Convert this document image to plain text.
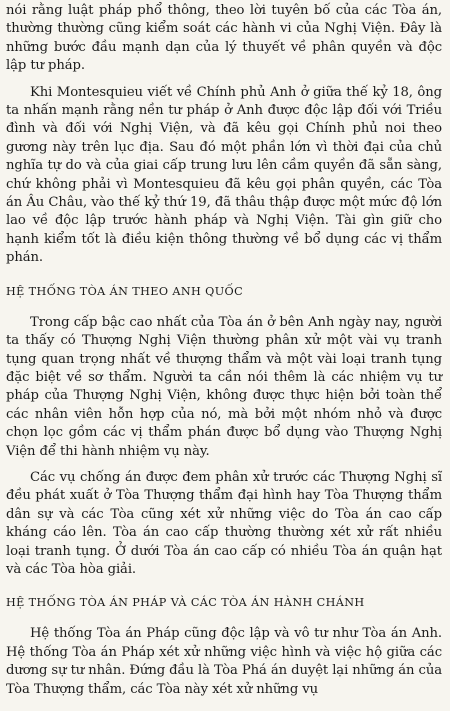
nói rằng luật pháp phổ thông, theo lời tuyên bố của các Tòa án, thường thường cũng kiểm soát các hành vi của Nghị Viện. Đây là những bước đầu mạnh dạn của lý thuyết về phân quyền và độc lập tư pháp.

Khi Montesquieu viết về Chính phủ Anh ở giữa thế kỷ 18, ông ta nhấn mạnh rằng nền tư pháp ở Anh được độc lập đối với Triều đình và đối với Nghị Viện, và đã kêu gọi Chính phủ noi theo gương này trên lục địa. Sau đó một phần lớn vì thời đại của chủ nghĩa tự do và của giai cấp trung lưu lên cầm quyền đã sẵn sàng, chứ không phải vì Montesquieu đã kêu gọi phân quyền, các Tòa án Âu Châu, vào thế kỷ thứ 19, đã thâu thập được một mức độ lớn lao về độc lập trước hành pháp và Nghị Viện. Tài gìn giữ cho hạnh kiểm tốt là điều kiện thông thường về bổ dụng các vị thẩm phán.

HỆ THỐNG TÒA ÁN THEO ANH QUỐC

Trong cấp bậc cao nhất của Tòa án ở bên Anh ngày nay, người ta thấy có Thượng Nghị Viện thường phân xử một vài vụ tranh tụng quan trọng nhất về thượng thẩm và một vài loại tranh tụng đặc biệt về sơ thẩm. Người ta cần nói thêm là các nhiệm vụ tư pháp của Thượng Nghị Viện, không được thực hiện bởi toàn thể các nhân viên hỗn hợp của nó, mà bởi một nhóm nhỏ và được chọn lọc gồm các vị thẩm phán được bổ dụng vào Thượng Nghị Viện để thi hành nhiệm vụ này.

Các vụ chống án được đem phân xử trước các Thượng Nghị sĩ đều phát xuất ở Tòa Thượng thẩm đại hình hay Tòa Thượng thẩm dân sự và các Tòa cũng xét xử những việc do Tòa án cao cấp kháng cáo lên. Tòa án cao cấp thường thường xét xử rất nhiều loại tranh tụng. Ở dưới Tòa án cao cấp có nhiều Tòa án quận hạt và các Tòa hòa giải.

HỆ THỐNG TÒA ÁN PHÁP VÀ CÁC TÒA ÁN HÀNH CHÁNH

Hệ thống Tòa án Pháp cũng độc lập và vô tư như Tòa án Anh. Hệ thống Tòa án Pháp xét xử những việc hình và việc hộ giữa các dương sự tư nhân. Đứng đầu là Tòa Phá án duyệt lại những án của Tòa Thượng thẩm, các Tòa này xét xử những vụ
